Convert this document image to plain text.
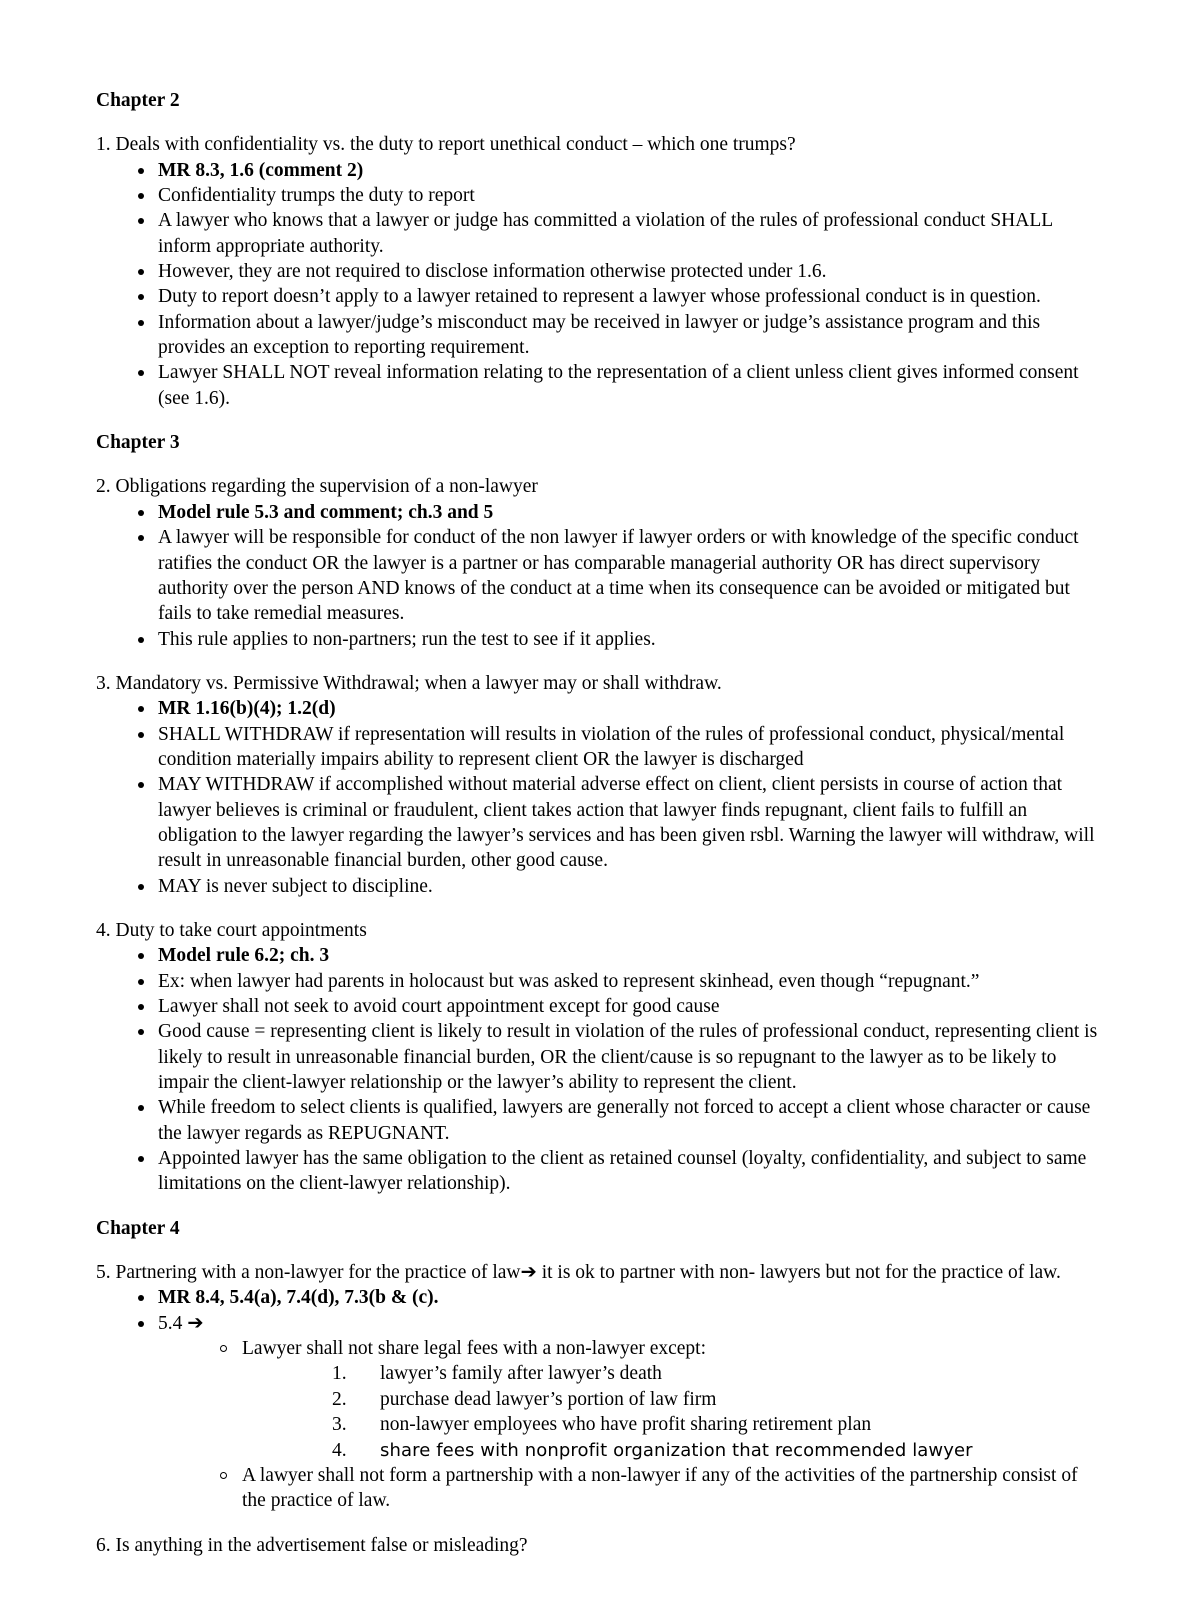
Chapter 2

1. Deals with confidentiality vs. the duty to report unethical conduct – which one trumps?

MR 8.3, 1.6 (comment 2)
Confidentiality trumps the duty to report
A lawyer who knows that a lawyer or judge has committed a violation of the rules of professional conduct SHALL inform appropriate authority.
However, they are not required to disclose information otherwise protected under 1.6.
Duty to report doesn’t apply to a lawyer retained to represent a lawyer whose professional conduct is in question.
Information about a lawyer/judge’s misconduct may be received in lawyer or judge’s assistance program and this provides an exception to reporting requirement.
Lawyer SHALL NOT reveal information relating to the representation of a client unless client gives informed consent (see 1.6).

Chapter 3

2. Obligations regarding the supervision of a non-lawyer

Model rule 5.3 and comment; ch.3 and 5
A lawyer will be responsible for conduct of the non lawyer if lawyer orders or with knowledge of the specific conduct ratifies the conduct OR the lawyer is a partner or has comparable managerial authority OR has direct supervisory authority over the person AND knows of the conduct at a time when its consequence can be avoided or mitigated but fails to take remedial measures.
This rule applies to non-partners; run the test to see if it applies.

3. Mandatory vs. Permissive Withdrawal; when a lawyer may or shall withdraw.

MR 1.16(b)(4); 1.2(d)
SHALL WITHDRAW if representation will results in violation of the rules of professional conduct, physical/mental condition materially impairs ability to represent client OR the lawyer is discharged
MAY WITHDRAW if accomplished without material adverse effect on client, client persists in course of action that lawyer believes is criminal or fraudulent, client takes action that lawyer finds repugnant, client fails to fulfill an obligation to the lawyer regarding the lawyer’s services and has been given rsbl. Warning the lawyer will withdraw, will result in unreasonable financial burden, other good cause.
MAY is never subject to discipline.

4. Duty to take court appointments

Model rule 6.2; ch. 3
Ex: when lawyer had parents in holocaust but was asked to represent skinhead, even though “repugnant.”
Lawyer shall not seek to avoid court appointment except for good cause
Good cause = representing client is likely to result in violation of the rules of professional conduct, representing client is likely to result in unreasonable financial burden, OR the client/cause is so repugnant to the lawyer as to be likely to impair the client-lawyer relationship or the lawyer’s ability to represent the client.
While freedom to select clients is qualified, lawyers are generally not forced to accept a client whose character or cause the lawyer regards as REPUGNANT.
Appointed lawyer has the same obligation to the client as retained counsel (loyalty, confidentiality, and subject to same limitations on the client-lawyer relationship).

Chapter 4

5. Partnering with a non-lawyer for the practice of law➔ it is ok to partner with non- lawyers but not for the practice of law.

MR 8.4, 5.4(a), 7.4(d), 7.3(b & (c).
5.4 ➔
Lawyer shall not share legal fees with a non-lawyer except:
lawyer’s family after lawyer’s death
purchase dead lawyer’s portion of law firm
non-lawyer employees who have profit sharing retirement plan
share fees with nonprofit organization that recommended lawyer
A lawyer shall not form a partnership with a non-lawyer if any of the activities of the partnership consist of the practice of law.

6. Is anything in the advertisement false or misleading?
